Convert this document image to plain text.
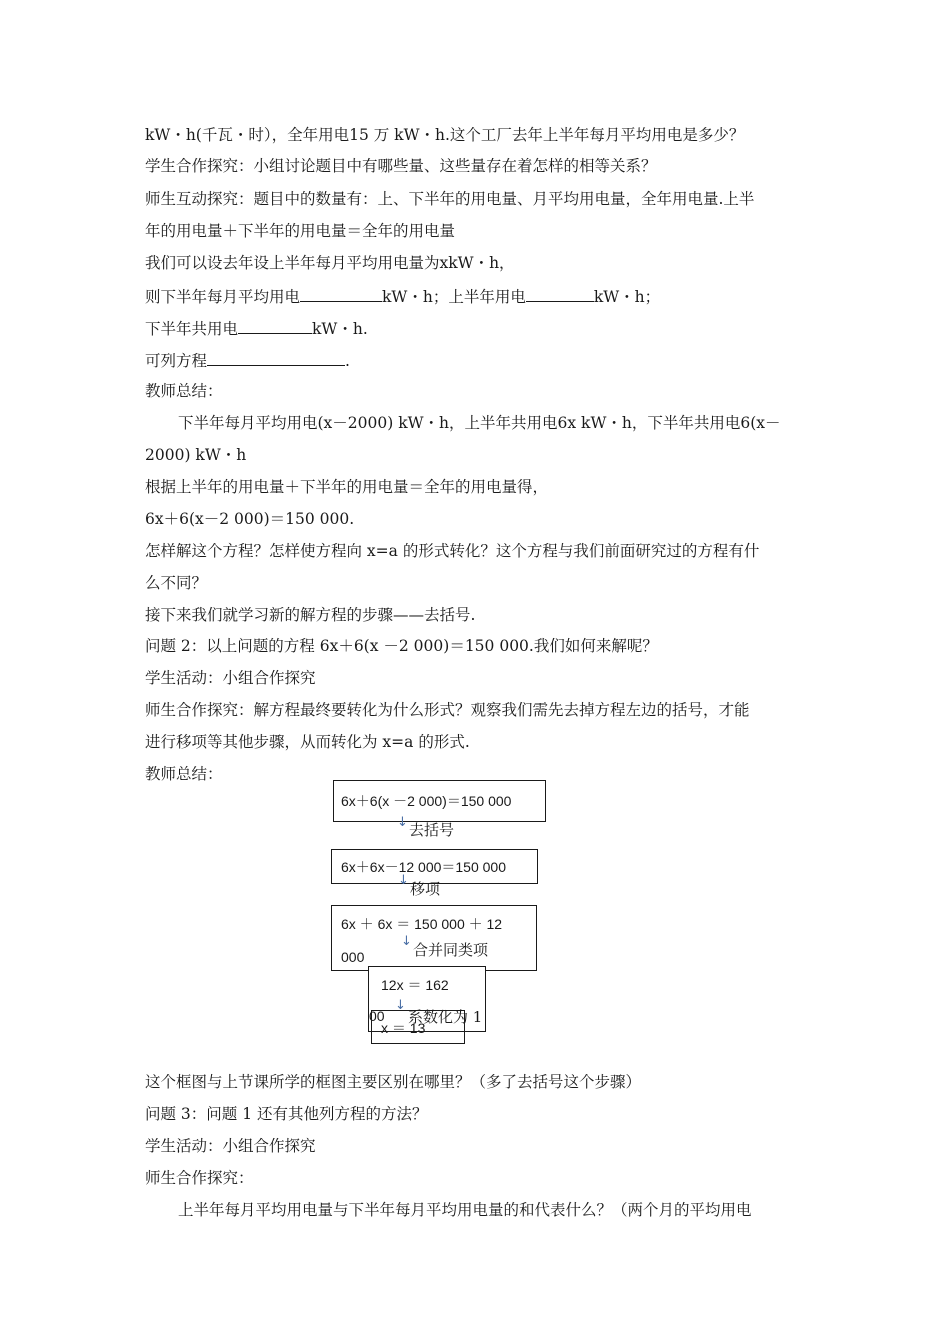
kW・h(千瓦・时），全年用电15 万 kW・h.这个工厂去年上半年每月平均用电是多少？
学生合作探究：小组讨论题目中有哪些量、这些量存在着怎样的相等关系？
师生互动探究：题目中的数量有：上、下半年的用电量、月平均用电量，全年用电量.上半
年的用电量＋下半年的用电量＝全年的用电量
我们可以设去年设上半年每月平均用电量为xkW・h，
则下半年每月平均用电	kW・h；上半年用电	kW・h；
下半年共用电	kW・h.
可列方程	.
教师总结：
下半年每月平均用电(x－2000) kW・h，上半年共用电6x kW・h，下半年共用电6(x－
2000) kW・h
根据上半年的用电量＋下半年的用电量＝全年的用电量得，
6x＋6(x－2 000)＝150 000.
怎样解这个方程？怎样使方程向 x=a 的形式转化？这个方程与我们前面研究过的方程有什
么不同？
接下来我们就学习新的解方程的步骤——去括号.
问题 2：以上问题的方程 6x＋6(x －2 000)＝150 000.我们如何来解呢？
学生活动：小组合作探究
师生合作探究：解方程最终要转化为什么形式？观察我们需先去掉方程左边的括号，才能
进行移项等其他步骤，从而转化为 x=a 的形式.
教师总结：
6x＋6(x －2 000)＝150 000
↓ 去括号
6x＋6x－12 000＝150 000
↓ 移项
6x ＋ 6x ＝ 150 000 ＋ 12
000
↓ 合并同类项
12x ＝ 162
x ＝ 13
00
↓
系数化为 1
这个框图与上节课所学的框图主要区别在哪里？（多了去括号这个步骤）
问题 3：问题 1 还有其他列方程的方法？
学生活动：小组合作探究
师生合作探究：
上半年每月平均用电量与下半年每月平均用电量的和代表什么？（两个月的平均用电
